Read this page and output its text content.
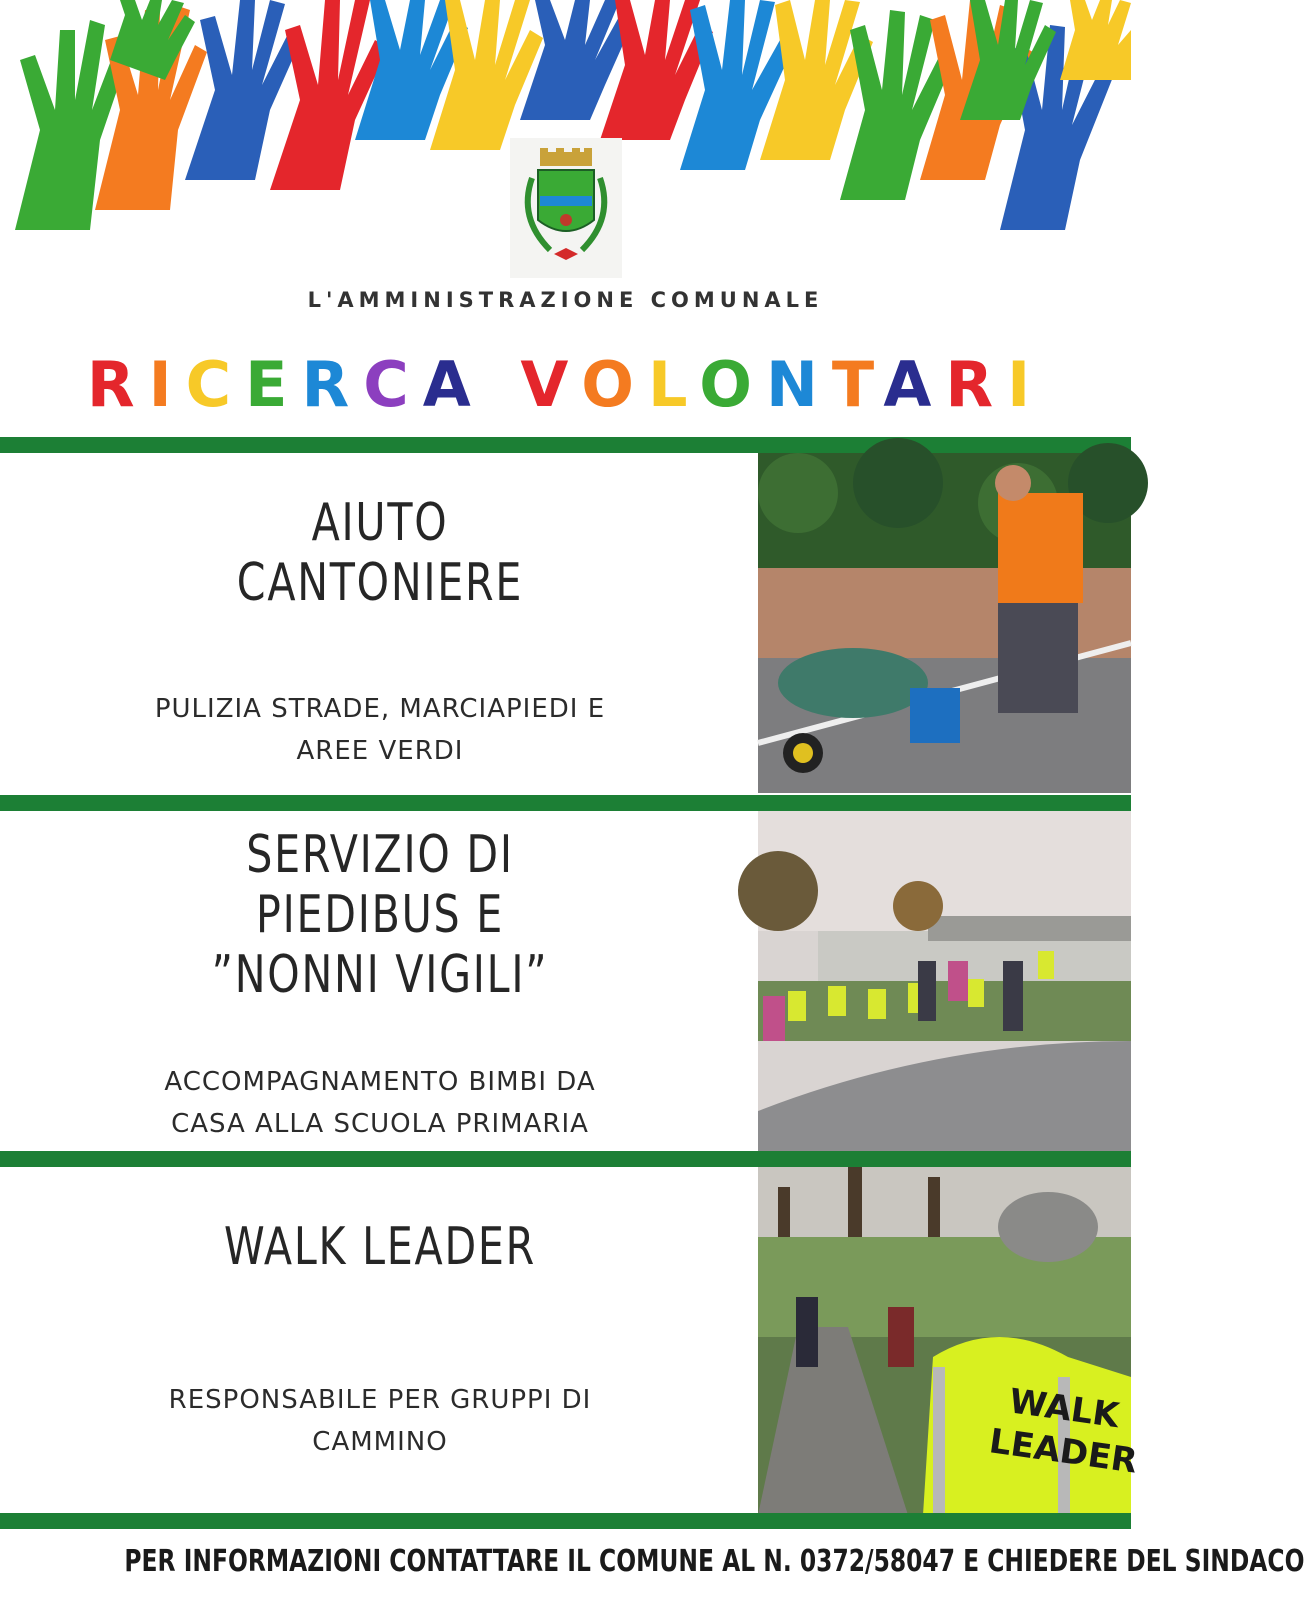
L'AMMINISTRAZIONE COMUNALE
RICERCA VOLONTARI
AIUTO
CANTONIERE
PULIZIA STRADE, MARCIAPIEDI E
AREE VERDI
SERVIZIO DI
PIEDIBUS E
”NONNI VIGILI”
ACCOMPAGNAMENTO BIMBI DA
CASA ALLA SCUOLA PRIMARIA
WALK LEADER
RESPONSABILE PER GRUPPI DI
CAMMINO
WALK
LEADER
PER INFORMAZIONI CONTATTARE IL COMUNE AL N. 0372/58047 E CHIEDERE DEL SINDACO
